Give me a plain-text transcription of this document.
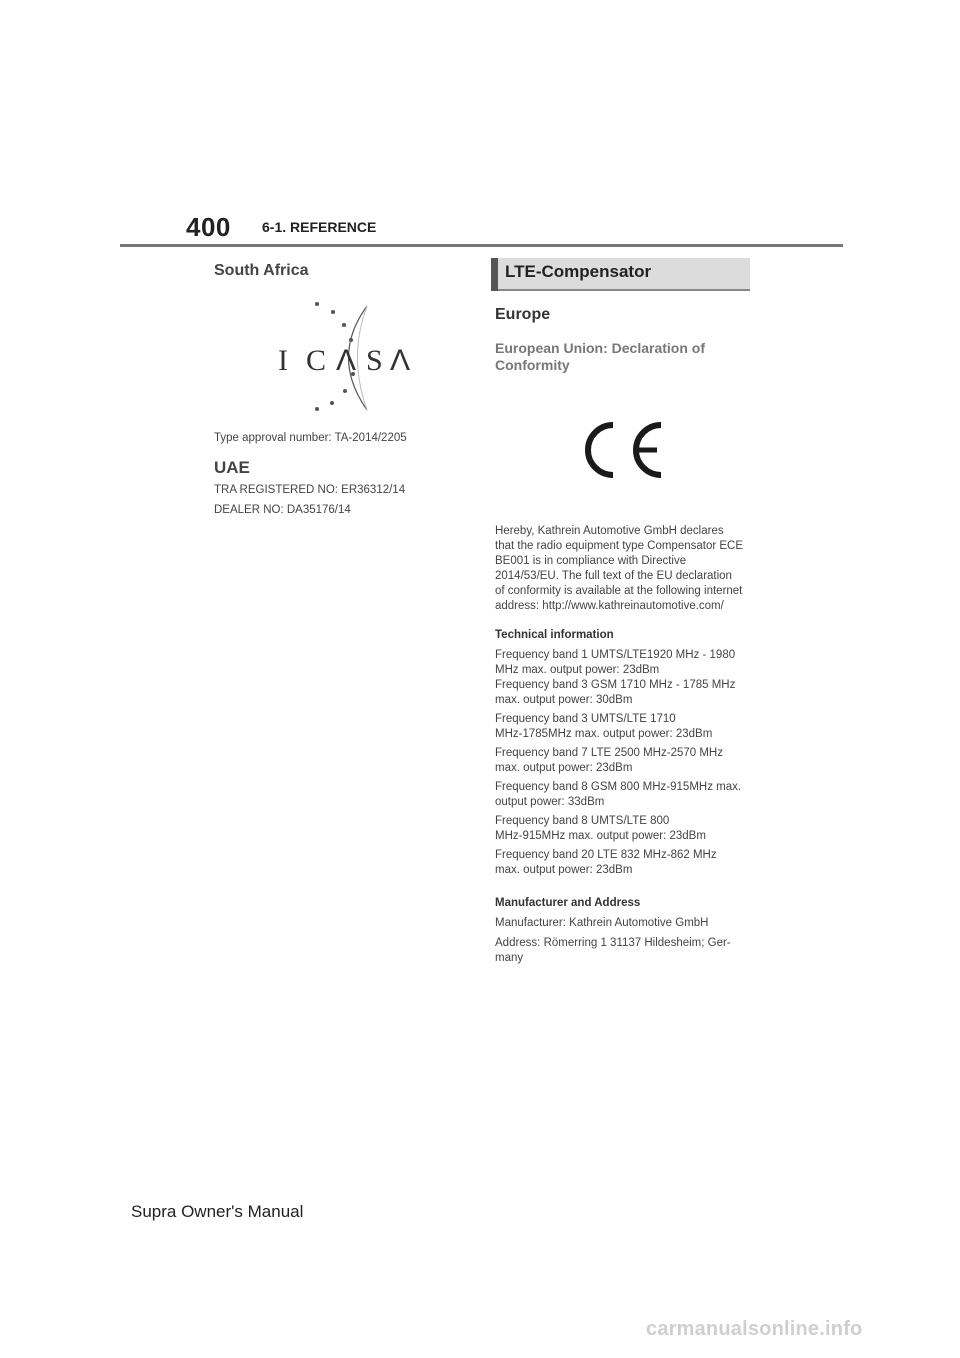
400 6-1. REFERENCE
South Africa
I C Λ S Λ

Type approval number: TA-2014/2205

UAE

TRA REGISTERED NO: ER36312/14

DEALER NO: DA35176/14

LTE-Compensator
Europe
European Union: Declaration of
Conformity

Hereby, Kathrein Automotive GmbH declares

that the radio equipment type Compensator ECE

BE001 is in compliance with Directive

2014/53/EU. The full text of the EU declaration

of conformity is available at the following internet

address: http://www.kathreinautomotive.com/

Technical information

Frequency band 1 UMTS/LTE1920 MHz - 1980
MHz max. output power: 23dBm
Frequency band 3 GSM 1710 MHz - 1785 MHz
max. output power: 30dBm

Frequency band 3 UMTS/LTE 1710
MHz-1785MHz max. output power: 23dBm

Frequency band 7 LTE 2500 MHz-2570 MHz
max. output power: 23dBm

Frequency band 8 GSM 800 MHz-915MHz max.
output power: 33dBm

Frequency band 8 UMTS/LTE 800
MHz-915MHz max. output power: 23dBm

Frequency band 20 LTE 832 MHz-862 MHz
max. output power: 23dBm

Manufacturer and Address

Manufacturer: Kathrein Automotive GmbH

Address: Römerring 1 31137 Hildesheim; Ger-

many

Supra Owner's Manual
carmanualsonline.info
